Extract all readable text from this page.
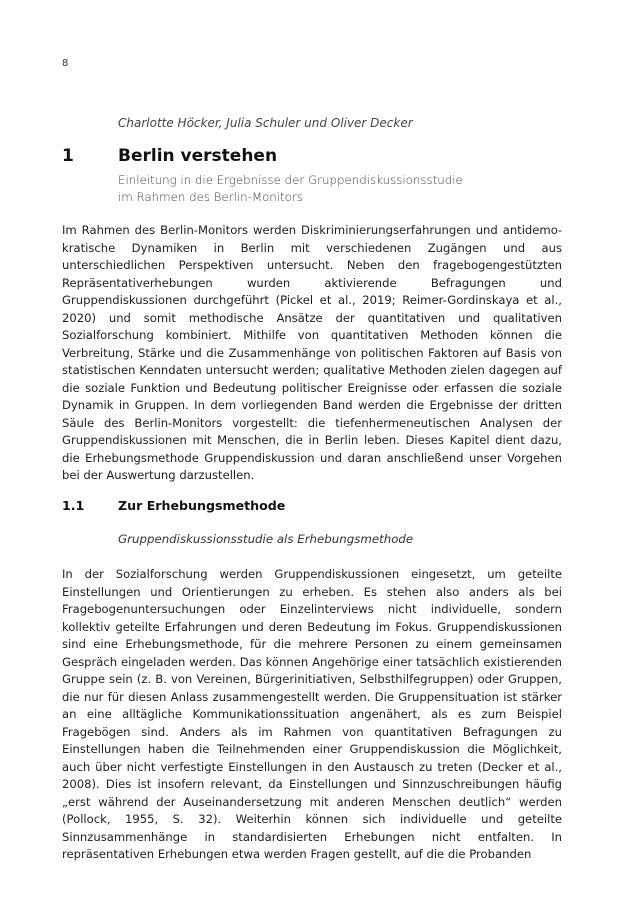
8
Charlotte Höcker, Julia Schuler und Oliver Decker
1	Berlin verstehen
Einleitung in die Ergebnisse der Gruppendiskussionsstudie
im Rahmen des Berlin-Monitors

Im Rahmen des Berlin-Monitors werden Diskriminierungserfahrungen und antidemokratische Dynamiken in Berlin mit verschiedenen Zugängen und aus unterschiedlichen Perspektiven untersucht. Neben den fragebogengestützten Repräsentativerhebungen wurden aktivierende Befragungen und Gruppendiskussionen durchgeführt (Pickel et al., 2019; Reimer-Gordinskaya et al., 2020) und somit methodische Ansätze der quantitativen und qualitativen Sozialforschung kombiniert. Mithilfe von quantitativen Methoden können die Verbreitung, Stärke und die Zusammenhänge von politischen Faktoren auf Basis von statistischen Kenndaten untersucht werden; qualitative Methoden zielen dagegen auf die soziale Funktion und Bedeutung politischer Ereignisse oder erfassen die soziale Dynamik in Gruppen. In dem vorliegenden Band werden die Ergebnisse der dritten Säule des Berlin-Monitors vorgestellt: die tiefenhermeneutischen Analysen der Gruppendiskussionen mit Menschen, die in Berlin leben. Dieses Kapitel dient dazu, die Erhebungsmethode Gruppendiskussion und daran anschließend unser Vorgehen bei der Auswertung darzustellen.

1.1	Zur Erhebungsmethode
Gruppendiskussionsstudie als Erhebungsmethode

In der Sozialforschung werden Gruppendiskussionen eingesetzt, um geteilte Einstellungen und Orientierungen zu erheben. Es stehen also anders als bei Fragebogenuntersuchungen oder Einzelinterviews nicht individuelle, sondern kollektiv geteilte Erfahrungen und deren Bedeutung im Fokus. Gruppendiskussionen sind eine Erhebungsmethode, für die mehrere Personen zu einem gemeinsamen Gespräch eingeladen werden. Das können Angehörige einer tatsächlich existierenden Gruppe sein (z. B. von Vereinen, Bürgerinitiativen, Selbsthilfegruppen) oder Gruppen, die nur für diesen Anlass zusammengestellt werden. Die Gruppensituation ist stärker an eine alltägliche Kommunikationssituation angenähert, als es zum Beispiel Fragebögen sind. Anders als im Rahmen von quantitativen Befragungen zu Einstellungen haben die Teilnehmenden einer Gruppendiskussion die Möglichkeit, auch über nicht verfestigte Einstellungen in den Austausch zu treten (Decker et al., 2008). Dies ist insofern relevant, da Einstellungen und Sinnzuschreibungen häufig „erst während der Auseinandersetzung mit anderen Menschen deutlich“ werden (Pollock, 1955, S. 32). Weiterhin können sich individuelle und geteilte Sinnzusammenhänge in standardisierten Erhebungen nicht entfalten. In repräsentativen Erhebungen etwa werden Fragen gestellt, auf die die Probanden
